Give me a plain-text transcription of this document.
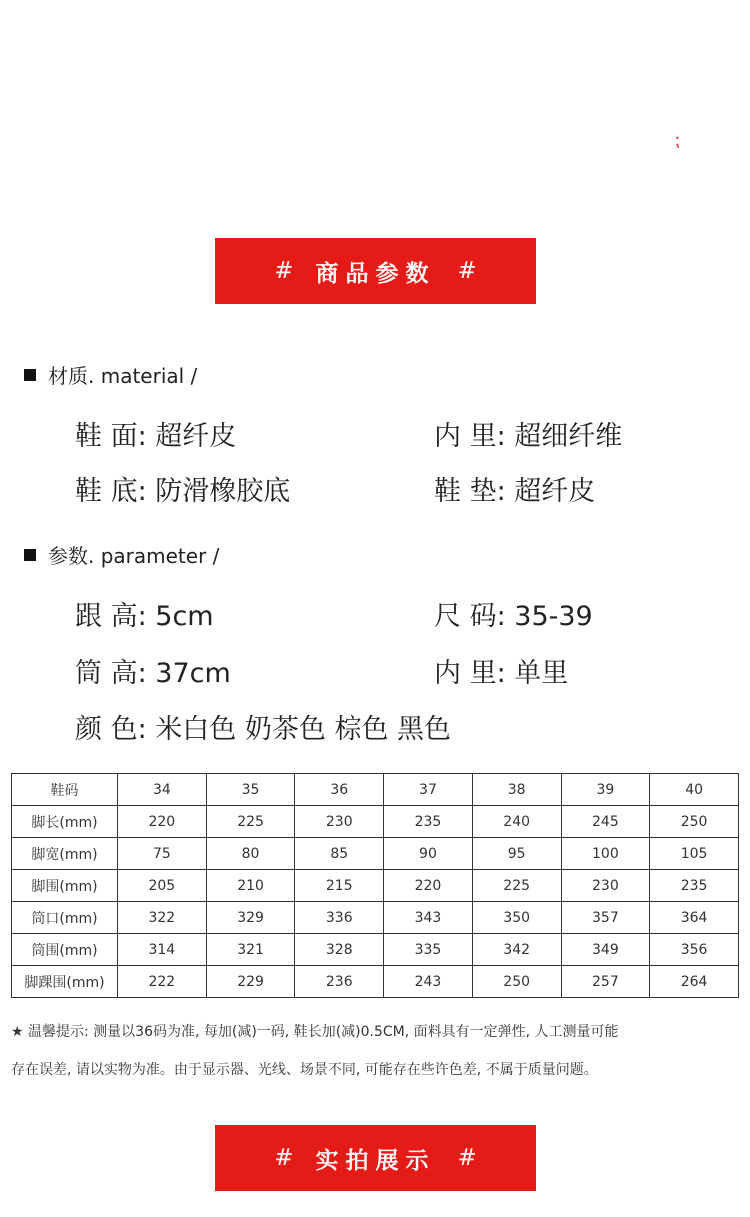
⁏
# 商品参数 #
材质. material /
鞋 面: 超纤皮	内 里: 超细纤维
鞋 底: 防滑橡胶底	鞋 垫: 超纤皮
参数. parameter /
跟 高: 5cm	尺 码: 35-39
筒 高: 37cm	内 里: 单里
颜 色: 米白色 奶茶色 棕色 黑色
鞋码	34	35	36	37	38	39	40
脚长(mm)	220	225	230	235	240	245	250
脚宽(mm)	75	80	85	90	95	100	105
脚围(mm)	205	210	215	220	225	230	235
筒口(mm)	322	329	336	343	350	357	364
筒围(mm)	314	321	328	335	342	349	356
脚踝围(mm)	222	229	236	243	250	257	264
★ 温馨提示: 测量以36码为准, 每加(减)一码, 鞋长加(减)0.5CM, 面料具有一定弹性, 人工测量可能
存在误差, 请以实物为准。由于显示器、光线、场景不同, 可能存在些许色差, 不属于质量问题。
# 实拍展示 #
